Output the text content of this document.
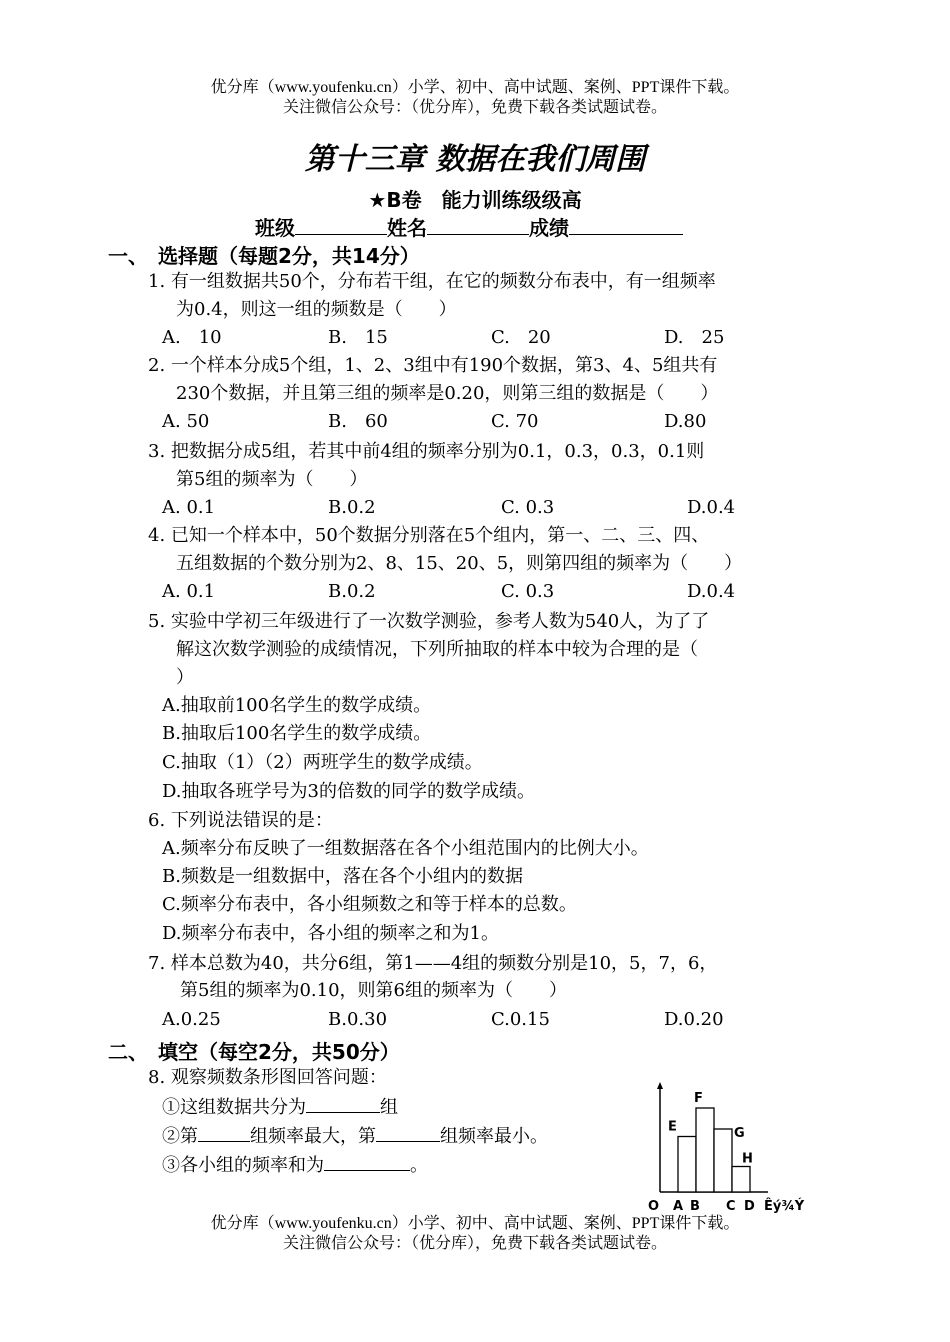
优分库（www.youfenku.cn）小学、初中、高中试题、案例、PPT课件下载。
关注微信公众号：（优分库），免费下载各类试题试卷。
第十三章 数据在我们周围
★B卷　能力训练级级高
班级	姓名	成绩
一、　选择题（每题2分，共14分）
1. 有一组数据共50个，分布若干组，在它的频数分布表中，有一组频率
为0.4，则这一组的频数是（　　）
A.　10	B.　15	C.　20	D.　25
2. 一个样本分成5个组，1、2、3组中有190个数据，第3、4、5组共有
230个数据，并且第三组的频率是0.20，则第三组的数据是（　　）
A. 50	B.　60	C. 70	D.80
3. 把数据分成5组，若其中前4组的频率分别为0.1，0.3，0.3，0.1则
第5组的频率为（　　）
A. 0.1	B.0.2	C. 0.3	D.0.4
4. 已知一个样本中，50个数据分别落在5个组内，第一、二、三、四、
五组数据的个数分别为2、8、15、20、5，则第四组的频率为（　　）
A. 0.1	B.0.2	C. 0.3	D.0.4
5. 实验中学初三年级进行了一次数学测验，参考人数为540人，为了了
解这次数学测验的成绩情况，下列所抽取的样本中较为合理的是（
）
A.抽取前100名学生的数学成绩。
B.抽取后100名学生的数学成绩。
C.抽取（1）（2）两班学生的数学成绩。
D.抽取各班学号为3的倍数的同学的数学成绩。
6. 下列说法错误的是：
A.频率分布反映了一组数据落在各个小组范围内的比例大小。
B.频数是一组数据中，落在各个小组内的数据
C.频率分布表中，各小组频数之和等于样本的总数。
D.频率分布表中，各小组的频率之和为1。
7. 样本总数为40，共分6组，第1——4组的频数分别是10，5，7，6，
第5组的频率为0.10，则第6组的频率为（　　）
A.0.25	B.0.30	C.0.15	D.0.20
二、　填空（每空2分，共50分）
8. 观察频数条形图回答问题：
①这组数据共分为	组
②第	组频率最大，第	组频率最小。
③各小组的频率和为	。
E
F
G
H
O A B C D Êý¾Ý
优分库（www.youfenku.cn）小学、初中、高中试题、案例、PPT课件下载。
关注微信公众号：（优分库），免费下载各类试题试卷。
